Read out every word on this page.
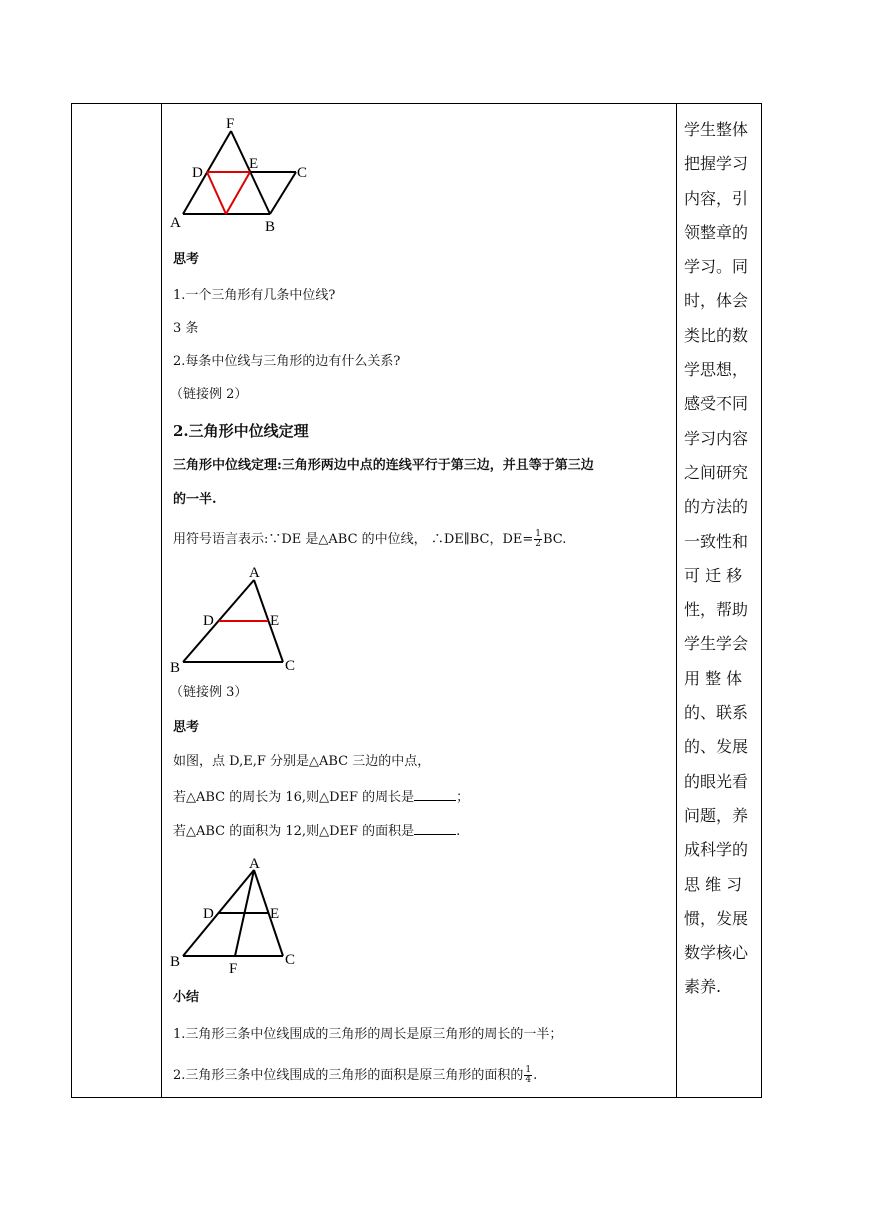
F
D
E
C
A	B
思考
1.一个三角形有几条中位线?
3 条
2.每条中位线与三角形的边有什么关系?
（链接例 2）
2.三角形中位线定理
三角形中位线定理:三角形两边中点的连线平行于第三边，并且等于第三边
的一半.
用符号语言表示:∵DE 是△ABC 的中位线， ∴DE∥BC，$DE= \frac{1}{2}$ BC.
A
D	E
B	C
（链接例 3）
思考
如图，点 D,E,F 分别是△ABC 三边的中点，
若△ABC 的周长为 16,则△DEF 的周长是	；
若△ABC 的面积为 12,则△DEF 的面积是	.
A
D	E
B	F
C
小结
1.三角形三条中位线围成的三角形的周长是原三角形的周长的一半；
2.三角形三条中位线围成的三角形的面积是原三角形的面积的 $\frac{1}{4}$ .
学生整体
把握学习
内容，引
领整章的
学习。同
时，体会
类比的数
学思想，
感受不同
学习内容
之间研究
的方法的
一致性和
可 迁 移
性，帮助
学生学会
用 整 体
的、联系
的、发展
的眼光看
问题，养
成科学的
思 维 习
惯，发展
数学核心
素养.
